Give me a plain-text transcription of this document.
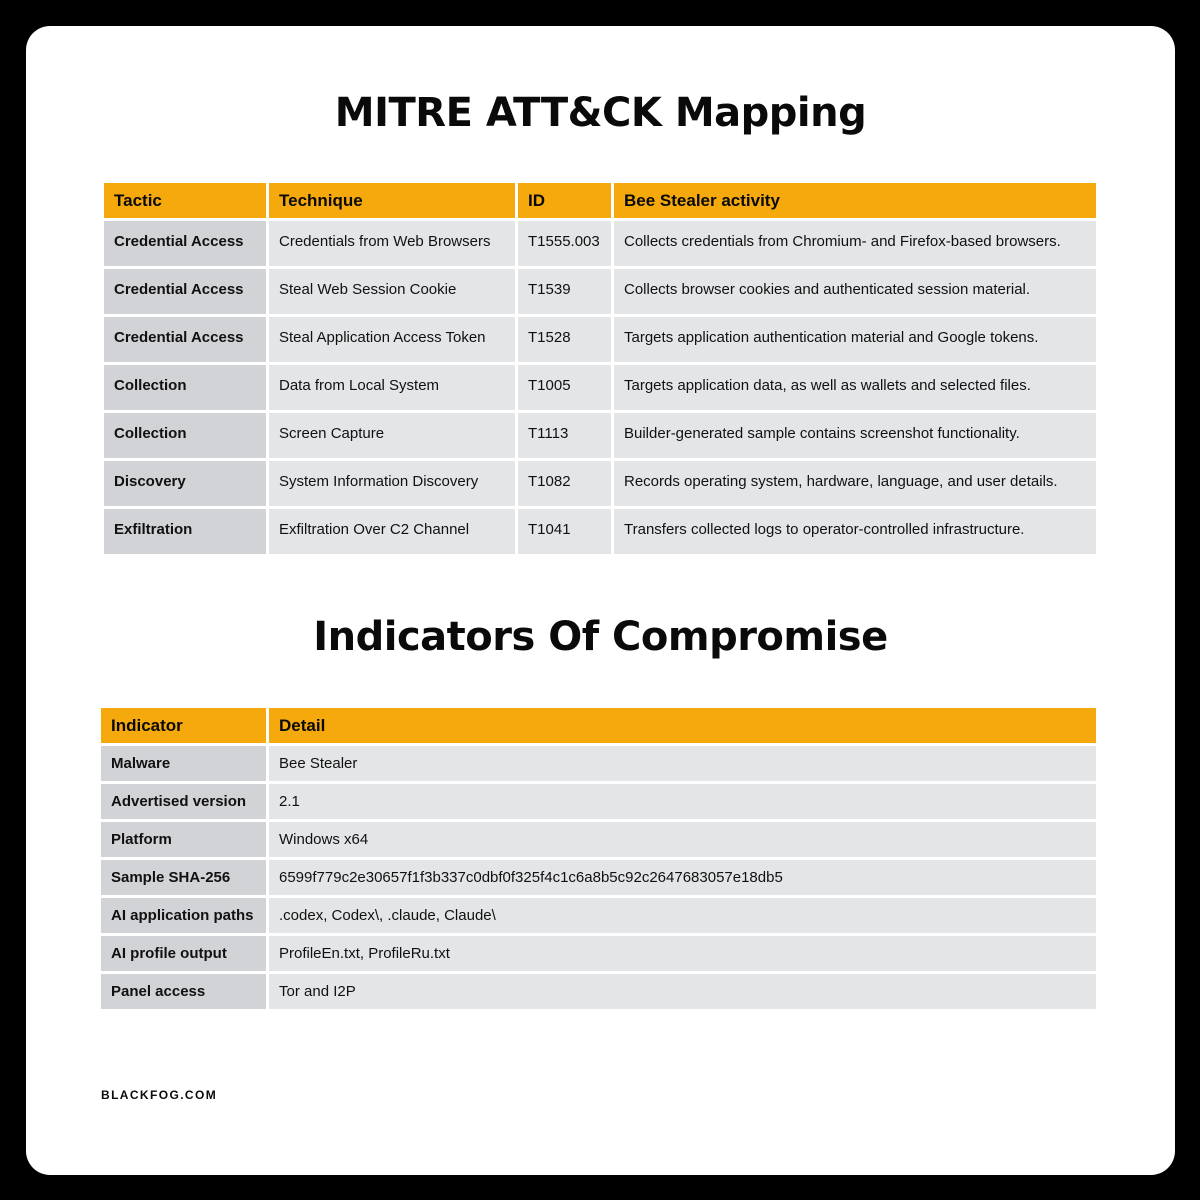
MITRE ATT&CK Mapping
Tactic	Technique	ID	Bee Stealer activity
Credential Access	Credentials from Web Browsers	T1555.003	Collects credentials from Chromium- and Firefox-based browsers.
Credential Access	Steal Web Session Cookie	T1539	Collects browser cookies and authenticated session material.
Credential Access	Steal Application Access Token	T1528	Targets application authentication material and Google tokens.
Collection	Data from Local System	T1005	Targets application data, as well as wallets and selected files.
Collection	Screen Capture	T1113	Builder-generated sample contains screenshot functionality.
Discovery	System Information Discovery	T1082	Records operating system, hardware, language, and user details.
Exfiltration	Exfiltration Over C2 Channel	T1041	Transfers collected logs to operator-controlled infrastructure.
Indicators Of Compromise
Indicator	Detail
Malware	Bee Stealer
Advertised version	2.1
Platform	Windows x64
Sample SHA-256	6599f779c2e30657f1f3b337c0dbf0f325f4c1c6a8b5c92c2647683057e18db5
AI application paths	.codex, Codex\, .claude, Claude\
AI profile output	ProfileEn.txt, ProfileRu.txt
Panel access	Tor and I2P
BLACKFOG.COM
